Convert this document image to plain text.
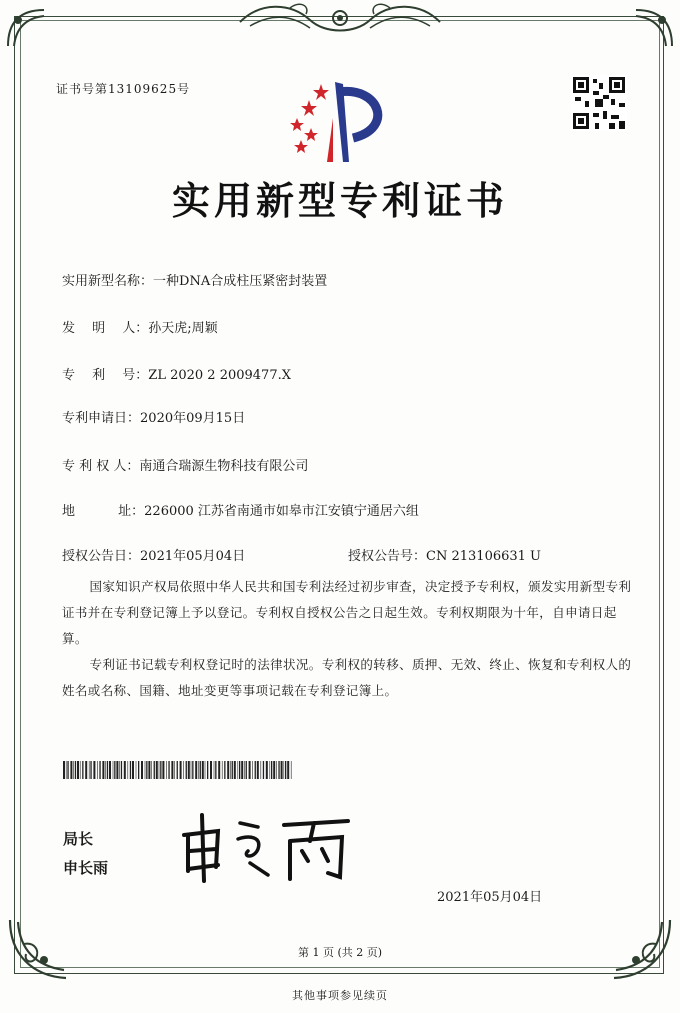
证书号第13109625号
实用新型专利证书
实用新型名称：一种DNA合成柱压紧密封装置
发　 明　 人：孙天虎;周颖
专　 利　 号：ZL 2020 2 2009477.X
专利申请日：2020年09月15日
专 利 权 人：南通合瑞源生物科技有限公司
地　　　 址：226000 江苏省南通市如皋市江安镇宁通居六组
授权公告日：2021年05月04日	授权公告号：CN 213106631 U
国家知识产权局依照中华人民共和国专利法经过初步审查，决定授予专利权，颁发实用新型专利证书并在专利登记簿上予以登记。专利权自授权公告之日起生效。专利权期限为十年，自申请日起算。
专利证书记载专利权登记时的法律状况。专利权的转移、质押、无效、终止、恢复和专利权人的姓名或名称、国籍、地址变更等事项记载在专利登记簿上。
局长
申长雨
2021年05月04日
第 1 页 (共 2 页)
其他事项参见续页
